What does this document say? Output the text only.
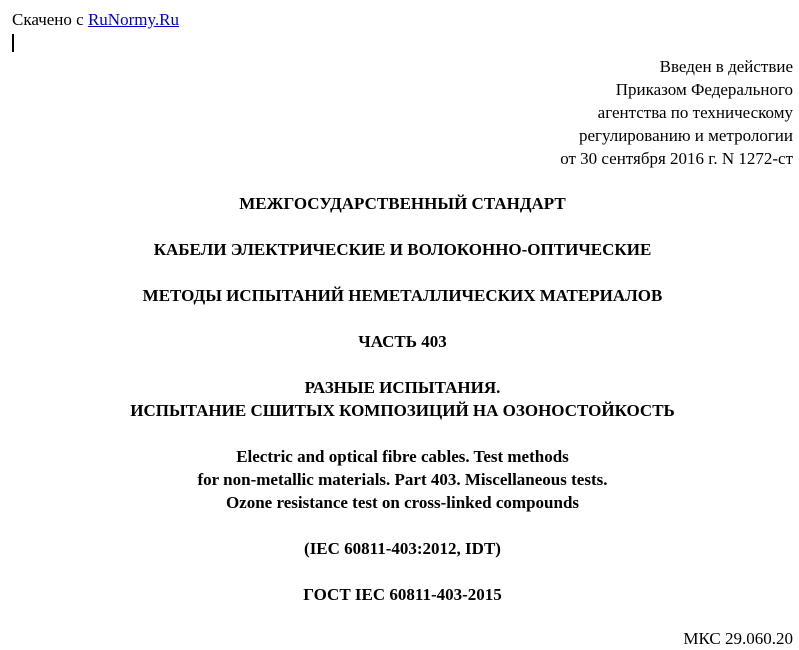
Скачено с RuNormy.Ru
Введен в действие
Приказом Федерального
агентства по техническому
регулированию и метрологии
от 30 сентября 2016 г. N 1272-ст
МЕЖГОСУДАРСТВЕННЫЙ СТАНДАРТ
КАБЕЛИ ЭЛЕКТРИЧЕСКИЕ И ВОЛОКОННО-ОПТИЧЕСКИЕ
МЕТОДЫ ИСПЫТАНИЙ НЕМЕТАЛЛИЧЕСКИХ МАТЕРИАЛОВ
ЧАСТЬ 403
РАЗНЫЕ ИСПЫТАНИЯ.
ИСПЫТАНИЕ СШИТЫХ КОМПОЗИЦИЙ НА ОЗОНОСТОЙКОСТЬ
Electric and optical fibre cables. Test methods
for non-metallic materials. Part 403. Miscellaneous tests.
Ozone resistance test on cross-linked compounds
(IEC 60811-403:2012, IDT)
ГОСТ IEC 60811-403-2015
МКС 29.060.20
